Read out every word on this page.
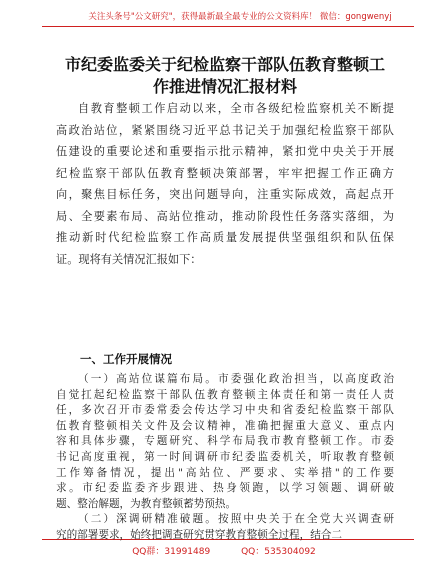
关注头条号"公文研究"，获得最新最全最专业的公文资料库！ 微信：gongwenyj
市纪委监委关于纪检监察干部队伍教育整顿工
作推进情况汇报材料
自教育整顿工作启动以来，全市各级纪检监察机关不断提
高政治站位，紧紧围绕习近平总书记关于加强纪检监察干部队
伍建设的重要论述和重要指示批示精神，紧扣党中央关于开展
纪检监察干部队伍教育整顿决策部署，牢牢把握工作正确方
向，聚焦目标任务，突出问题导向，注重实际成效，高起点开
局、全要素布局、高站位推动，推动阶段性任务落实落细，为
推动新时代纪检监察工作高质量发展提供坚强组织和队伍保
证。现将有关情况汇报如下：
一、工作开展情况
QQ群：31991489	QQ：535304092
（一）高站位谋篇布局。市委强化政治担当，以高度政治
自觉扛起纪检监察干部队伍教育整顿主体责任和第一责任人责
任，多次召开市委常委会传达学习中央和省委纪检监察干部队
伍教育整顿相关文件及会议精神，准确把握重大意义、重点内
容和具体步骤，专题研究、科学布局我市教育整顿工作。市委
书记高度重视，第一时间调研市纪委监委机关，听取教育整顿
工作筹备情况，提出"高站位、严要求、实举措"的工作要
求。市纪委监委齐步跟进、热身领跑，以学习领题、调研破
题、整治解题，为教育整顿蓄势预热。
（二）深调研精准破题。按照中央关于在全党大兴调查研
究的部署要求，始终把调查研究贯穿教育整顿全过程，结合二
